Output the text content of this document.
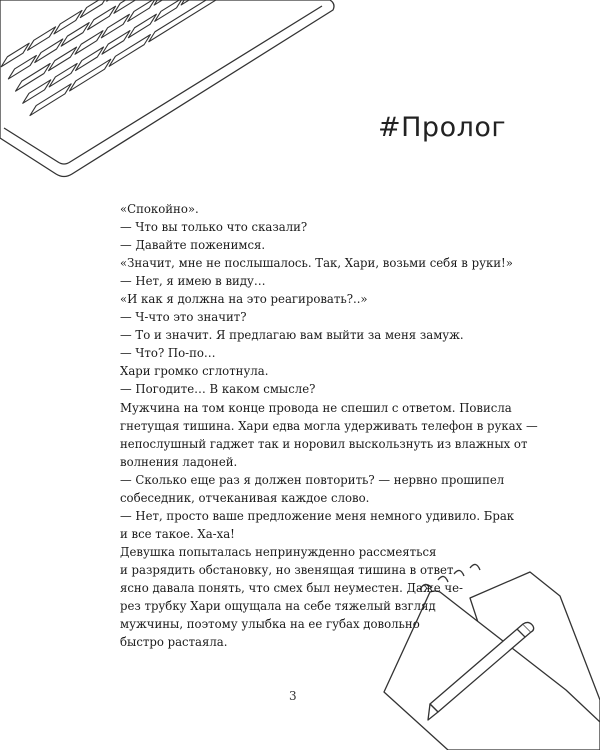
#Пролог
«Спокойно».
— Что вы только что сказали?
— Давайте поженимся.
«Значит, мне не послышалось. Так, Хари, возьми себя в руки!»
— Нет, я имею в виду…
«И как я должна на это реагировать?..»
— Ч-что это значит?
— То и значит. Я предлагаю вам выйти за меня замуж.
— Что? По-по…
Хари громко сглотнула.
— Погодите… В каком смысле?
Мужчина на том конце провода не спешил с ответом. Повисла
гнетущая тишина. Хари едва могла удерживать телефон в руках —
непослушный гаджет так и норовил выскользнуть из влажных от
волнения ладоней.
— Сколько еще раз я должен повторить? — нервно прошипел
собеседник, отчеканивая каждое слово.
— Нет, просто ваше предложение меня немного удивило. Брак
и все такое. Ха-ха!
Девушка попыталась непринужденно рассмеяться
и разрядить обстановку, но звенящая тишина в ответ
ясно давала понять, что смех был неуместен. Даже че-
рез трубку Хари ощущала на себе тяжелый взгляд
мужчины, поэтому улыбка на ее губах довольно
быстро растаяла.
3
